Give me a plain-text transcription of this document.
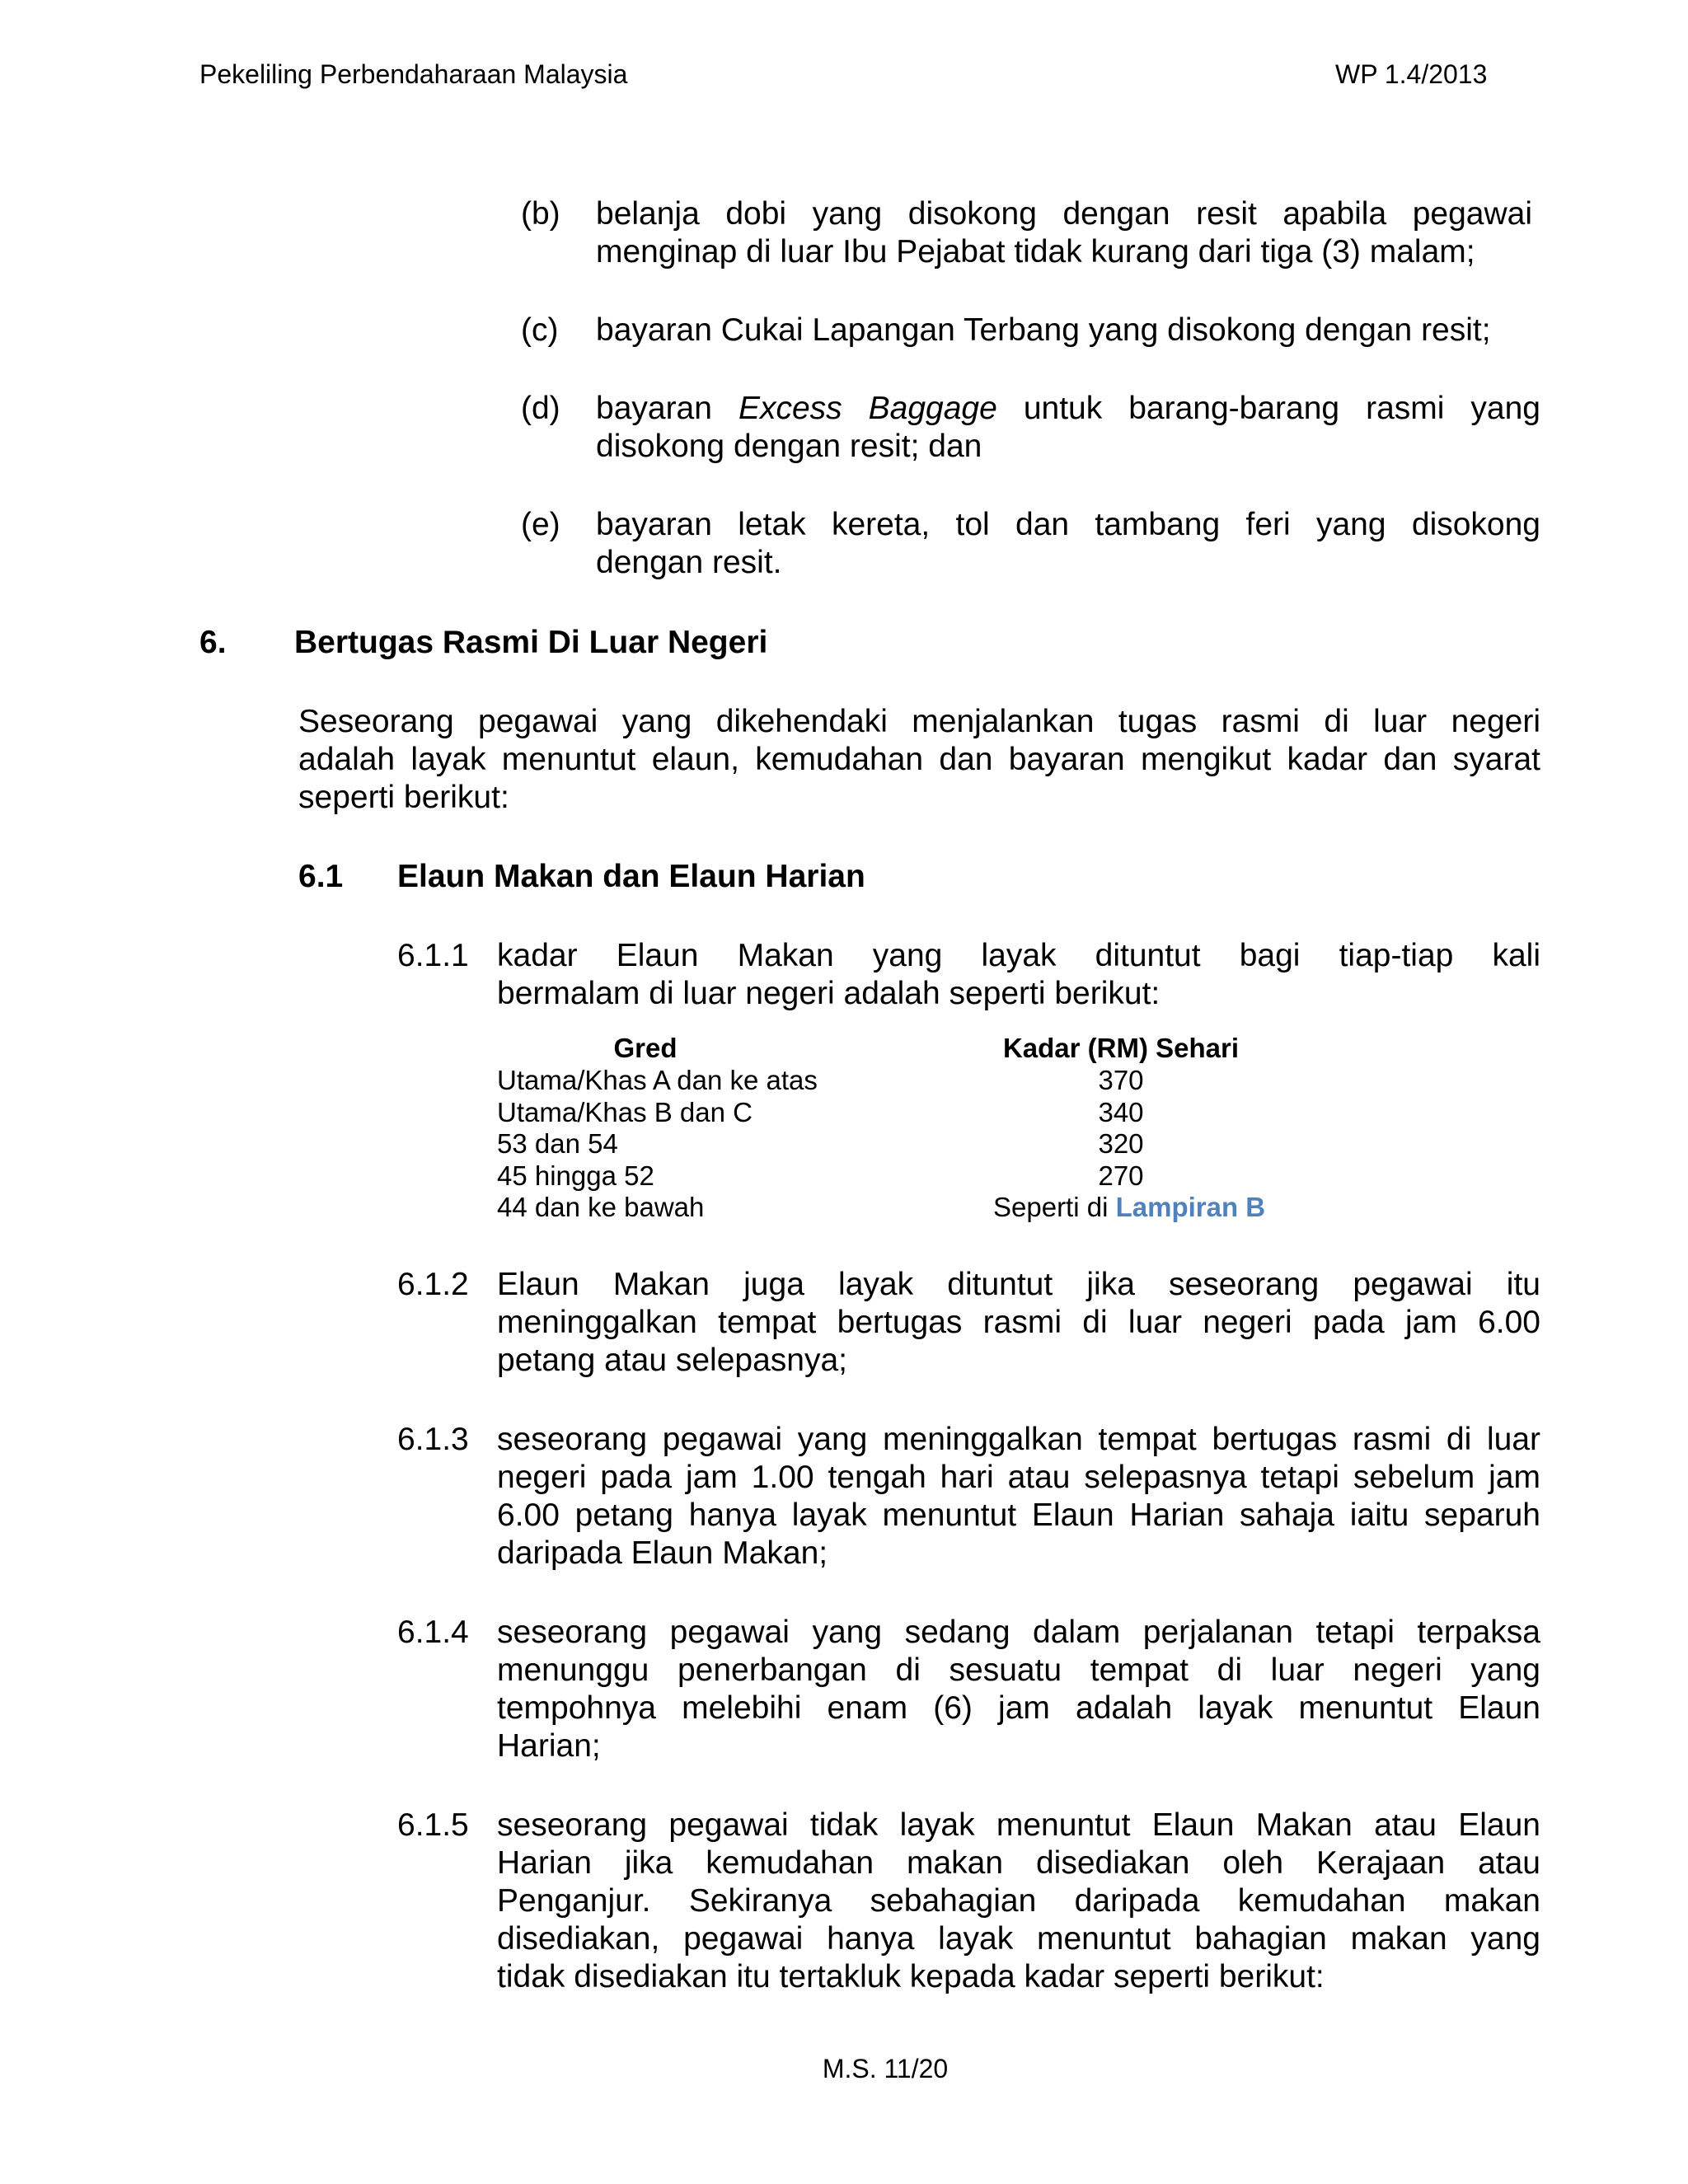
Pekeliling Perbendaharaan Malaysia	WP 1.4/2013
(b) belanja dobi yang disokong dengan resit apabila pegawai
menginap di luar Ibu Pejabat tidak kurang dari tiga (3) malam;
(c) bayaran Cukai Lapangan Terbang yang disokong dengan resit;
(d) bayaran Excess Baggage untuk barang-barang rasmi yang
disokong dengan resit; dan
(e) bayaran letak kereta, tol dan tambang feri yang disokong
dengan resit.
6. Bertugas Rasmi Di Luar Negeri
Seseorang pegawai yang dikehendaki menjalankan tugas rasmi di luar negeri
adalah layak menuntut elaun, kemudahan dan bayaran mengikut kadar dan syarat
seperti berikut:
6.1 Elaun Makan dan Elaun Harian
6.1.1 kadar Elaun Makan yang layak dituntut bagi tiap-tiap kali
bermalam di luar negeri adalah seperti berikut:
Gred	Kadar (RM) Sehari
Utama/Khas A dan ke atas	370
Utama/Khas B dan C	340
53 dan 54	320
45 hingga 52	270
44 dan ke bawah	Seperti di Lampiran B
6.1.2 Elaun Makan juga layak dituntut jika seseorang pegawai itu
meninggalkan tempat bertugas rasmi di luar negeri pada jam 6.00
petang atau selepasnya;
6.1.3 seseorang pegawai yang meninggalkan tempat bertugas rasmi di luar
negeri pada jam 1.00 tengah hari atau selepasnya tetapi sebelum jam
6.00 petang hanya layak menuntut Elaun Harian sahaja iaitu separuh
daripada Elaun Makan;
6.1.4 seseorang pegawai yang sedang dalam perjalanan tetapi terpaksa
menunggu penerbangan di sesuatu tempat di luar negeri yang
tempohnya melebihi enam (6) jam adalah layak menuntut Elaun
Harian;
6.1.5 seseorang pegawai tidak layak menuntut Elaun Makan atau Elaun
Harian jika kemudahan makan disediakan oleh Kerajaan atau
Penganjur. Sekiranya sebahagian daripada kemudahan makan
disediakan, pegawai hanya layak menuntut bahagian makan yang
tidak disediakan itu tertakluk kepada kadar seperti berikut:
M.S. 11/20
